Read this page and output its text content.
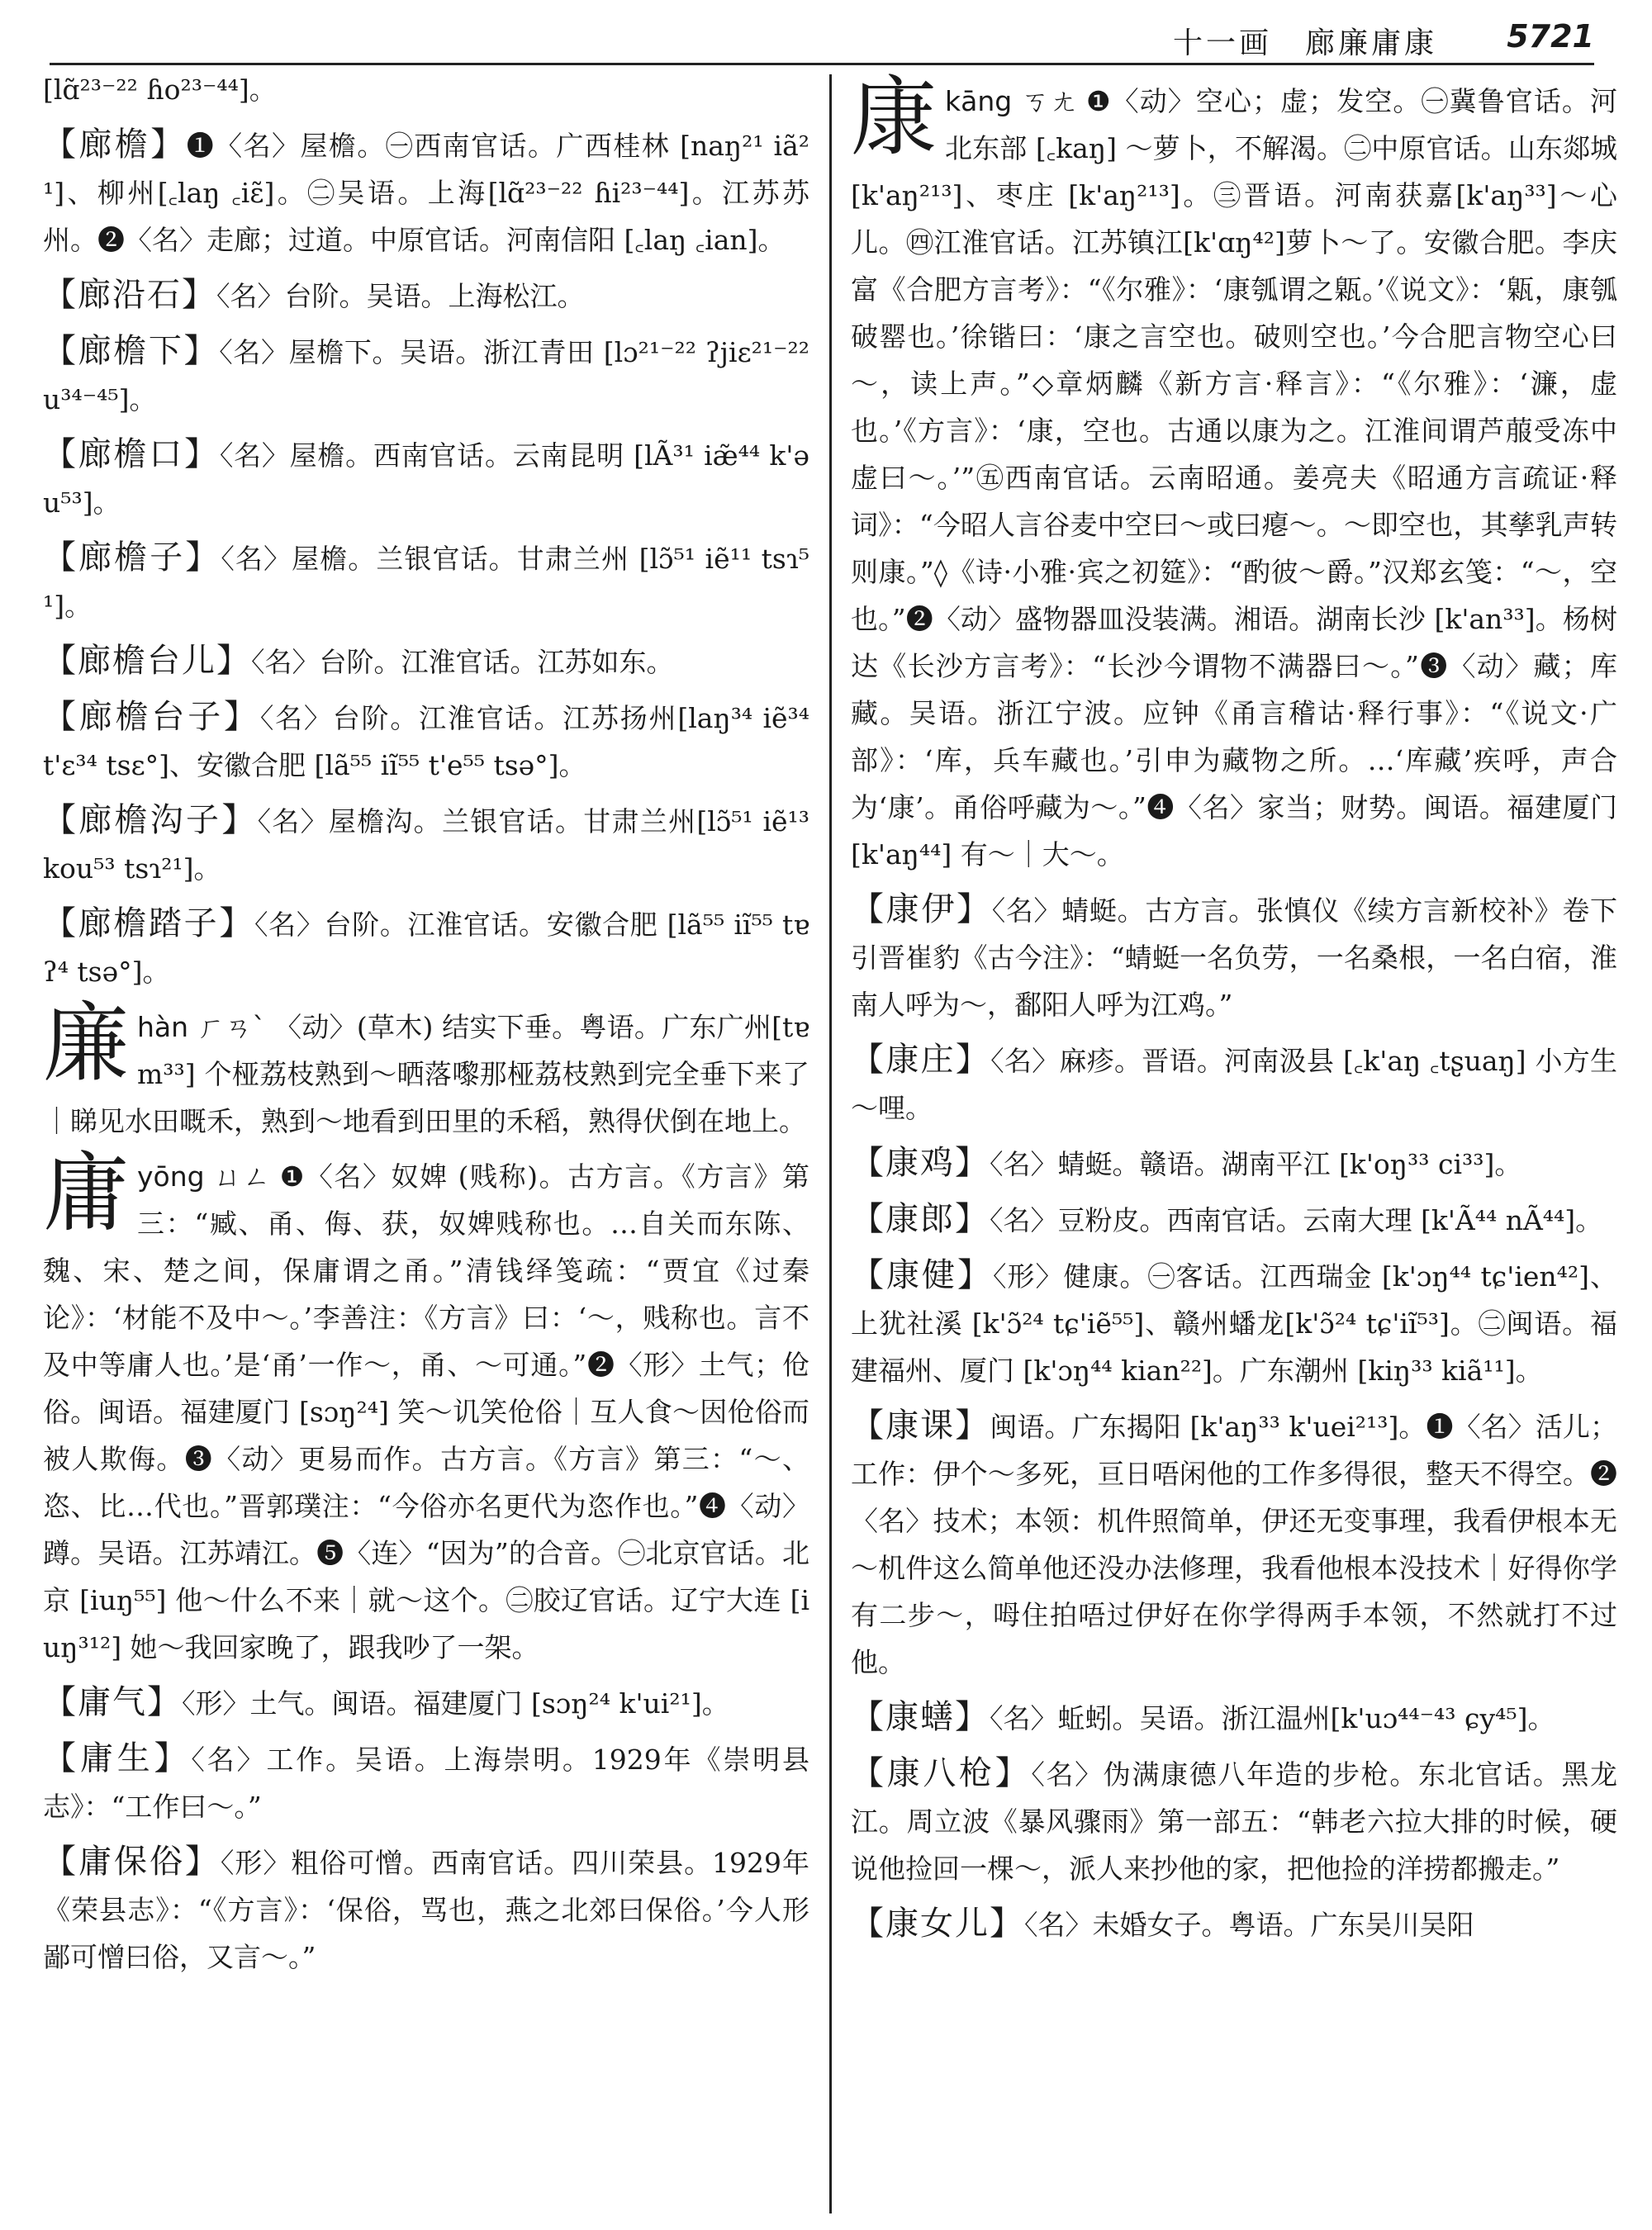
十一画　廊廉庸康 5721
[lɑ̃²³⁻²² ɦo²³⁻⁴⁴]。
【廊檐】❶〈名〉屋檐。㊀西南官话。广西桂林 [naŋ²¹ iã²¹]、柳州[꜀laŋ ꜀iɛ̃]。㊁吴语。上海[lɑ̃²³⁻²² ɦi²³⁻⁴⁴]。江苏苏州。❷〈名〉走廊；过道。中原官话。河南信阳 [꜀laŋ ꜀ian]。
【廊沿石】〈名〉台阶。吴语。上海松江。
【廊檐下】〈名〉屋檐下。吴语。浙江青田 [lɔ²¹⁻²² ʔjiɛ²¹⁻²² u³⁴⁻⁴⁵]。
【廊檐口】〈名〉屋檐。西南官话。云南昆明 [lÃ³¹ iæ̃⁴⁴ k'əu⁵³]。
【廊檐子】〈名〉屋檐。兰银官话。甘肃兰州 [lɔ̃⁵¹ iẽ¹¹ tsɿ⁵¹]。
【廊檐台儿】〈名〉台阶。江淮官话。江苏如东。
【廊檐台子】〈名〉台阶。江淮官话。江苏扬州[laŋ³⁴ iẽ³⁴ t'ɛ³⁴ tsɛ°]、安徽合肥 [lã⁵⁵ iĩ⁵⁵ t'e⁵⁵ tsə°]。
【廊檐沟子】〈名〉屋檐沟。兰银官话。甘肃兰州[lɔ̃⁵¹ iẽ¹³ kou⁵³ tsɿ²¹]。
【廊檐踏子】〈名〉台阶。江淮官话。安徽合肥 [lã⁵⁵ iĩ⁵⁵ tɐʔ⁴ tsə°]。
廉hàn ㄏㄢˋ 〈动〉(草木) 结实下垂。粤语。广东广州[tɐm³³] 个桠荔枝熟到～晒落嚟那桠荔枝熟到完全垂下来了｜睇见水田嘅禾，熟到～地看到田里的禾稻，熟得伏倒在地上。
庸yōng ㄩㄥ ❶〈名〉奴婢 (贱称)。古方言。《方言》第三：“臧、甬、侮、获，奴婢贱称也。…自关而东陈、魏、宋、楚之间，保庸谓之甬。”清钱绎笺疏：“贾宜《过秦论》：‘材能不及中～。’李善注：《方言》曰：‘～，贱称也。言不及中等庸人也。’是‘甬’一作～，甬、～可通。”❷〈形〉土气；伧俗。闽语。福建厦门 [sɔŋ²⁴] 笑～讥笑伧俗｜互人食～因伧俗而被人欺侮。❸〈动〉更易而作。古方言。《方言》第三：“～、恣、比…代也。”晋郭璞注：“今俗亦名更代为恣作也。”❹〈动〉蹲。吴语。江苏靖江。❺〈连〉“因为”的合音。㊀北京官话。北京 [iuŋ⁵⁵] 他～什么不来｜就～这个。㊁胶辽官话。辽宁大连 [iuŋ³¹²] 她～我回家晚了，跟我吵了一架。
【庸气】〈形〉土气。闽语。福建厦门 [sɔŋ²⁴ k'ui²¹]。
【庸生】〈名〉工作。吴语。上海崇明。1929年《崇明县志》：“工作曰～。”
【庸保俗】〈形〉粗俗可憎。西南官话。四川荣县。1929年《荣县志》：“《方言》：‘保俗，骂也，燕之北郊曰保俗。’今人形鄙可憎曰俗，又言～。”
康kāng ㄎㄤ ❶〈动〉空心；虚；发空。㊀冀鲁官话。河北东部 [꜀kaŋ] ～萝卜，不解渴。㊁中原官话。山东郯城 [k'aŋ²¹³]、枣庄 [k'aŋ²¹³]。㊂晋语。河南获嘉[k'aŋ³³]～心儿。㊃江淮官话。江苏镇江[k'ɑŋ⁴²]萝卜～了。安徽合肥。李庆富《合肥方言考》：“《尔雅》：‘康瓠谓之甈。’《说文》：‘甈，康瓠破罂也。’徐锴曰：‘康之言空也。破则空也。’今合肥言物空心曰～，读上声。”◇章炳麟《新方言·释言》：“《尔雅》：‘濂，虚也。’《方言》：‘康，空也。古通以康为之。江淮间谓芦菔受冻中虚曰～。’”㊄西南官话。云南昭通。姜亮夫《昭通方言疏证·释词》：“今昭人言谷麦中空曰～或曰瘪～。～即空也，其孳乳声转则康。”◊《诗·小雅·宾之初筵》：“酌彼～爵。”汉郑玄笺：“～，空也。”❷〈动〉盛物器皿没装满。湘语。湖南长沙 [k'an³³]。杨树达《长沙方言考》：“长沙今谓物不满器曰～。”❸〈动〉藏；库藏。吴语。浙江宁波。应钟《甬言稽诂·释行事》：“《说文·广部》：‘库，兵车藏也。’引申为藏物之所。…‘库藏’疾呼，声合为‘康’。甬俗呼藏为～。”❹〈名〉家当；财势。闽语。福建厦门 [k'aŋ⁴⁴] 有～｜大～。
【康伊】〈名〉蜻蜓。古方言。张慎仪《续方言新校补》卷下引晋崔豹《古今注》：“蜻蜓一名负劳，一名桑根，一名白宿，淮南人呼为～，鄱阳人呼为江鸡。”
【康庄】〈名〉麻疹。晋语。河南汲县 [꜀k'aŋ ꜀tʂuaŋ] 小方生～哩。
【康鸡】〈名〉蜻蜓。赣语。湖南平江 [k'oŋ³³ ci³³]。
【康郎】〈名〉豆粉皮。西南官话。云南大理 [k'Ã⁴⁴ nÃ⁴⁴]。
【康健】〈形〉健康。㊀客话。江西瑞金 [k'ɔŋ⁴⁴ tɕ'ien⁴²]、上犹社溪 [k'ɔ̃²⁴ tɕ'iẽ⁵⁵]、赣州蟠龙[k'ɔ̃²⁴ tɕ'iĩ⁵³]。㊁闽语。福建福州、厦门 [k'ɔŋ⁴⁴ kian²²]。广东潮州 [kiŋ³³ kiã¹¹]。
【康课】闽语。广东揭阳 [k'aŋ³³ k'uei²¹³]。❶〈名〉活儿；工作：伊个～多死，亘日唔闲他的工作多得很，整天不得空。❷〈名〉技术；本领：机件照简单，伊还无变事理，我看伊根本无～机件这么简单他还没办法修理，我看他根本没技术｜好得你学有二步～，呣住拍唔过伊好在你学得两手本领，不然就打不过他。
【康蟮】〈名〉蚯蚓。吴语。浙江温州[k'uɔ⁴⁴⁻⁴³ ɕy⁴⁵]。
【康八枪】〈名〉伪满康德八年造的步枪。东北官话。黑龙江。周立波《暴风骤雨》第一部五：“韩老六拉大排的时候，硬说他捡回一棵～，派人来抄他的家，把他捡的洋捞都搬走。”
【康女儿】〈名〉未婚女子。粤语。广东吴川吴阳
